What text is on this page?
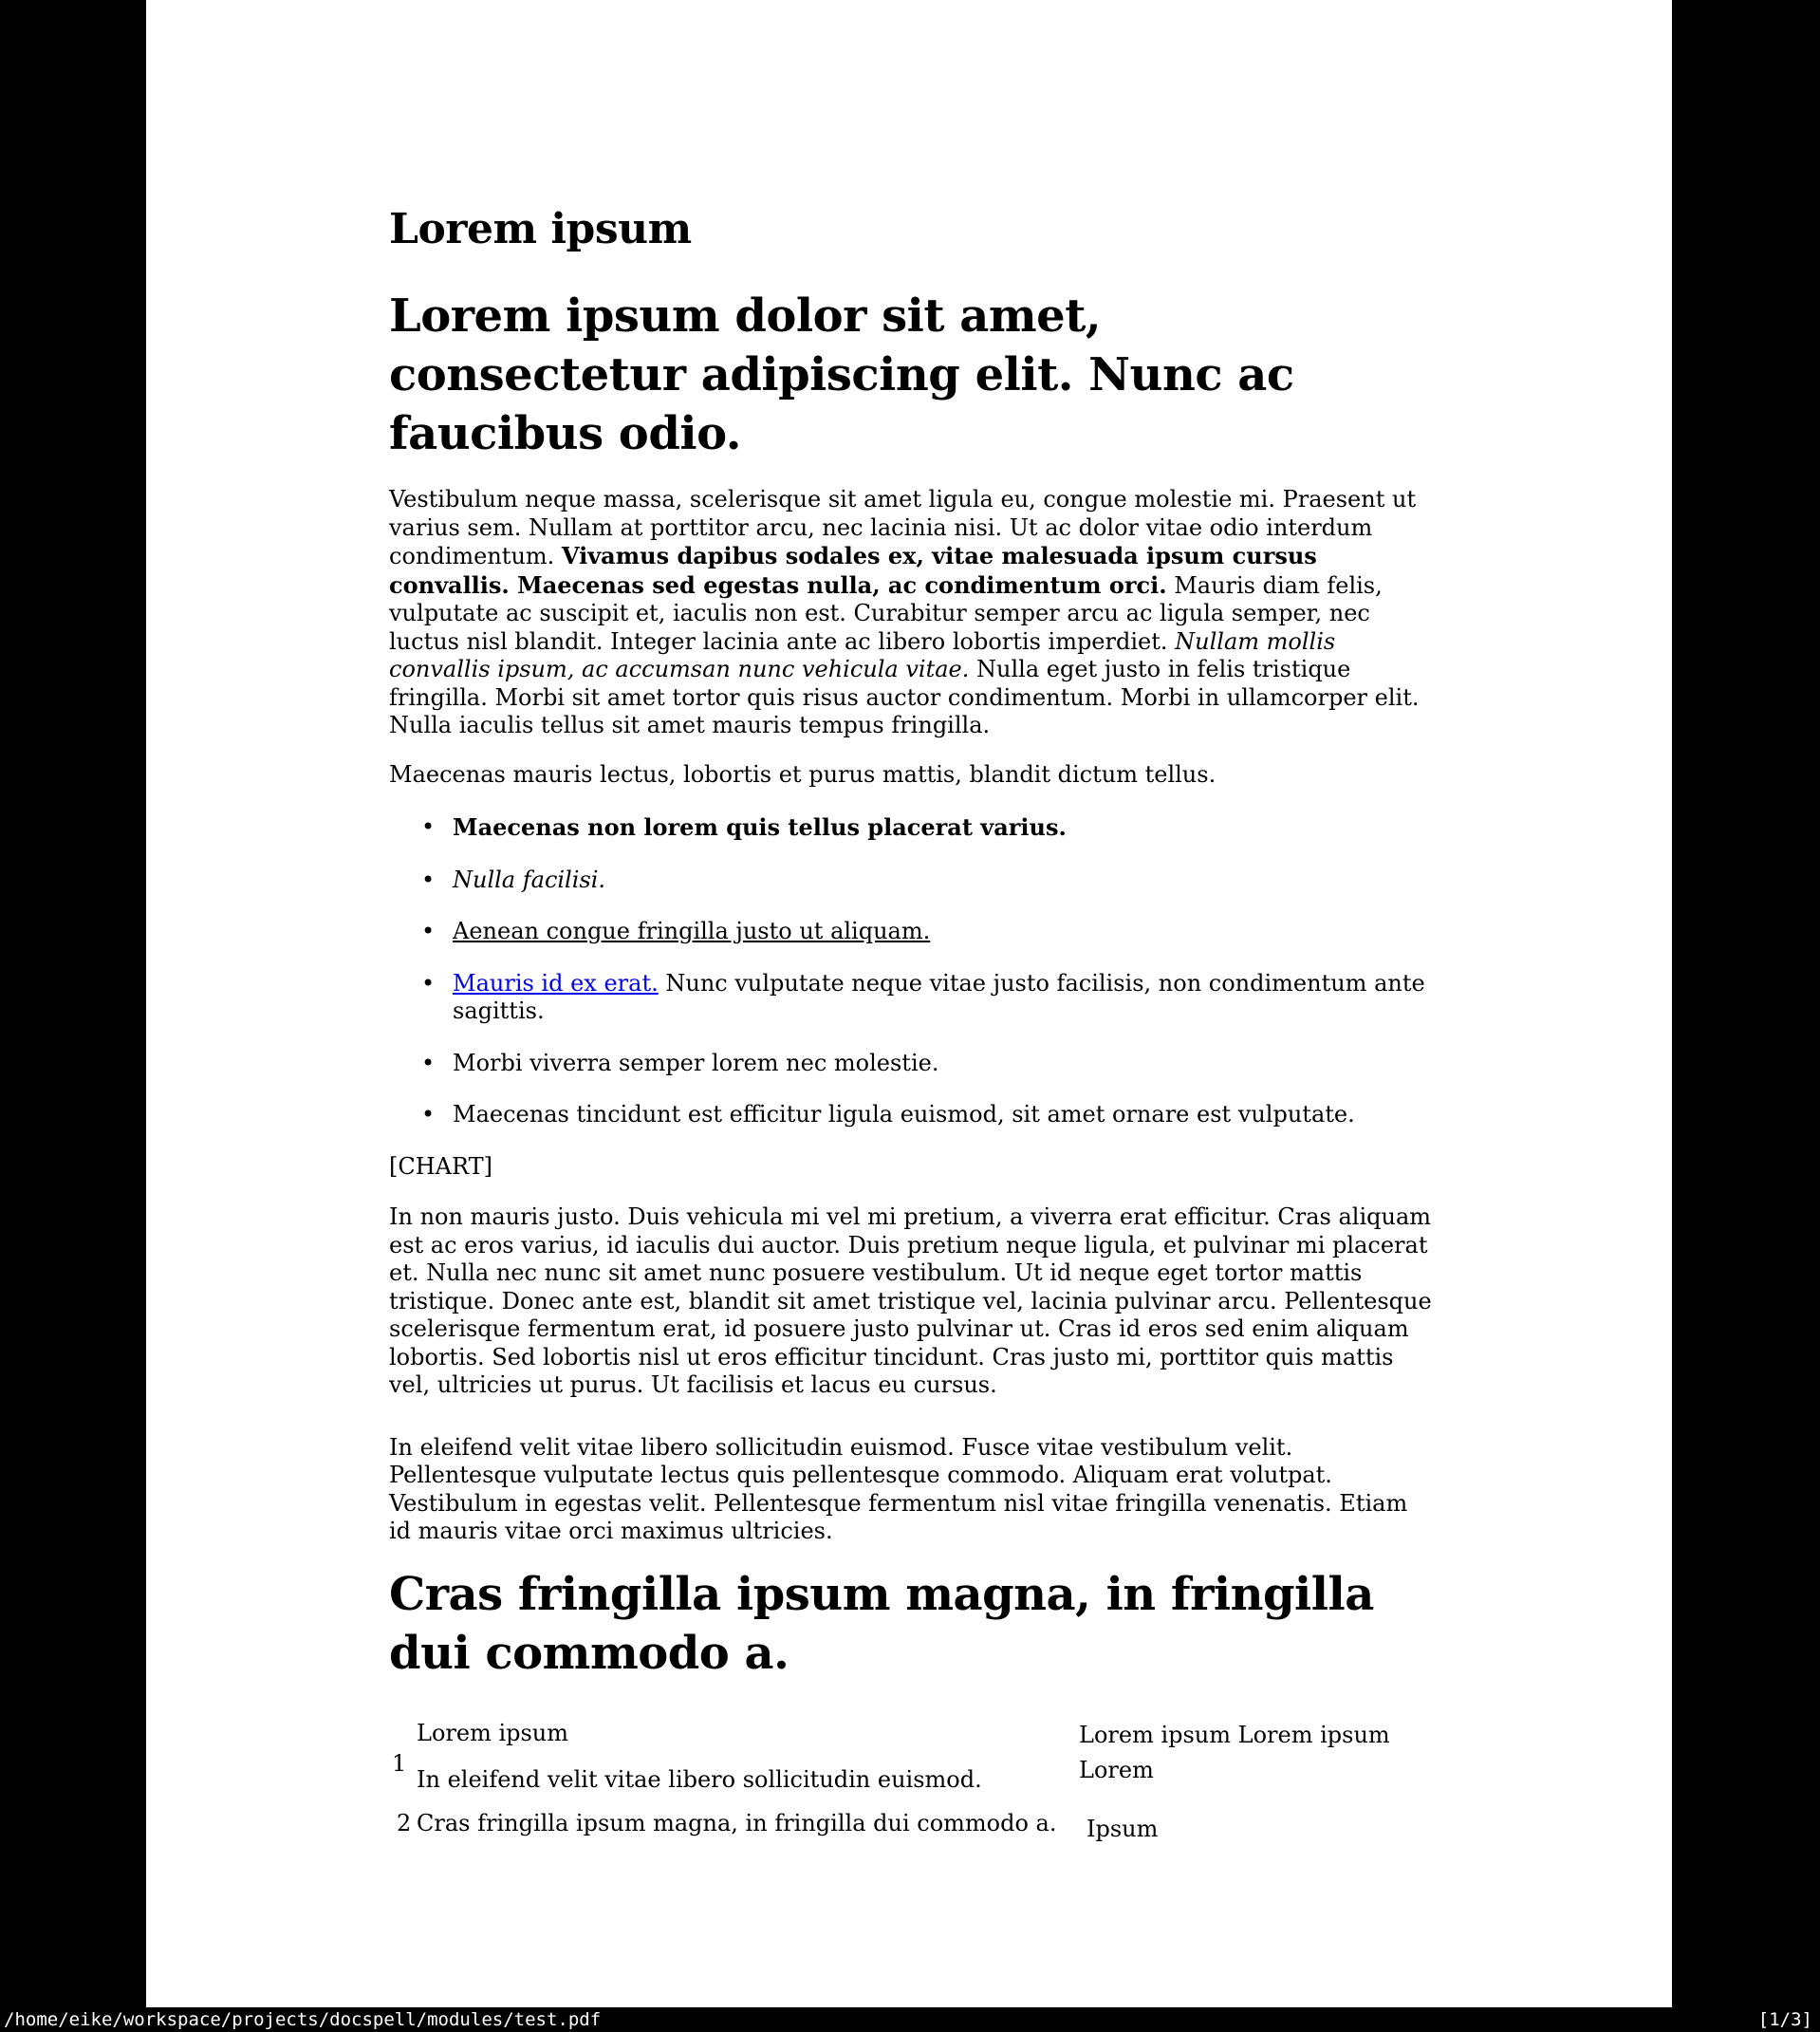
Lorem ipsum
Lorem ipsum dolor sit amet, consectetur adipiscing elit. Nunc ac faucibus odio.

Vestibulum neque massa, scelerisque sit amet ligula eu, congue molestie mi. Praesent ut varius sem. Nullam at porttitor arcu, nec lacinia nisi. Ut ac dolor vitae odio interdum condimentum. Vivamus dapibus sodales ex, vitae malesuada ipsum cursus convallis. Maecenas sed egestas nulla, ac condimentum orci. Mauris diam felis, vulputate ac suscipit et, iaculis non est. Curabitur semper arcu ac ligula semper, nec luctus nisl blandit. Integer lacinia ante ac libero lobortis imperdiet. Nullam mollis convallis ipsum, ac accumsan nunc vehicula vitae. Nulla eget justo in felis tristique fringilla. Morbi sit amet tortor quis risus auctor condimentum. Morbi in ullamcorper elit. Nulla iaculis tellus sit amet mauris tempus fringilla.

Maecenas mauris lectus, lobortis et purus mattis, blandit dictum tellus.

• Maecenas non lorem quis tellus placerat varius.
• Nulla facilisi.
• Aenean congue fringilla justo ut aliquam.
• Mauris id ex erat. Nunc vulputate neque vitae justo facilisis, non condimentum ante sagittis.
• Morbi viverra semper lorem nec molestie.
• Maecenas tincidunt est efficitur ligula euismod, sit amet ornare est vulputate.

[CHART]

In non mauris justo. Duis vehicula mi vel mi pretium, a viverra erat efficitur. Cras aliquam est ac eros varius, id iaculis dui auctor. Duis pretium neque ligula, et pulvinar mi placerat et. Nulla nec nunc sit amet nunc posuere vestibulum. Ut id neque eget tortor mattis tristique. Donec ante est, blandit sit amet tristique vel, lacinia pulvinar arcu. Pellentesque scelerisque fermentum erat, id posuere justo pulvinar ut. Cras id eros sed enim aliquam lobortis. Sed lobortis nisl ut eros efficitur tincidunt. Cras justo mi, porttitor quis mattis vel, ultricies ut purus. Ut facilisis et lacus eu cursus.

In eleifend velit vitae libero sollicitudin euismod. Fusce vitae vestibulum velit. Pellentesque vulputate lectus quis pellentesque commodo. Aliquam erat volutpat. Vestibulum in egestas velit. Pellentesque fermentum nisl vitae fringilla venenatis. Etiam id mauris vitae orci maximus ultricies.

Cras fringilla ipsum magna, in fringilla dui commodo a.
Lorem ipsum	Lorem ipsum Lorem ipsum Lorem
1
In eleifend velit vitae libero sollicitudin euismod.
2 Cras fringilla ipsum magna, in fringilla dui commodo a. Ipsum
/home/eike/workspace/projects/docspell/modules/test.pdf	[1/3]
